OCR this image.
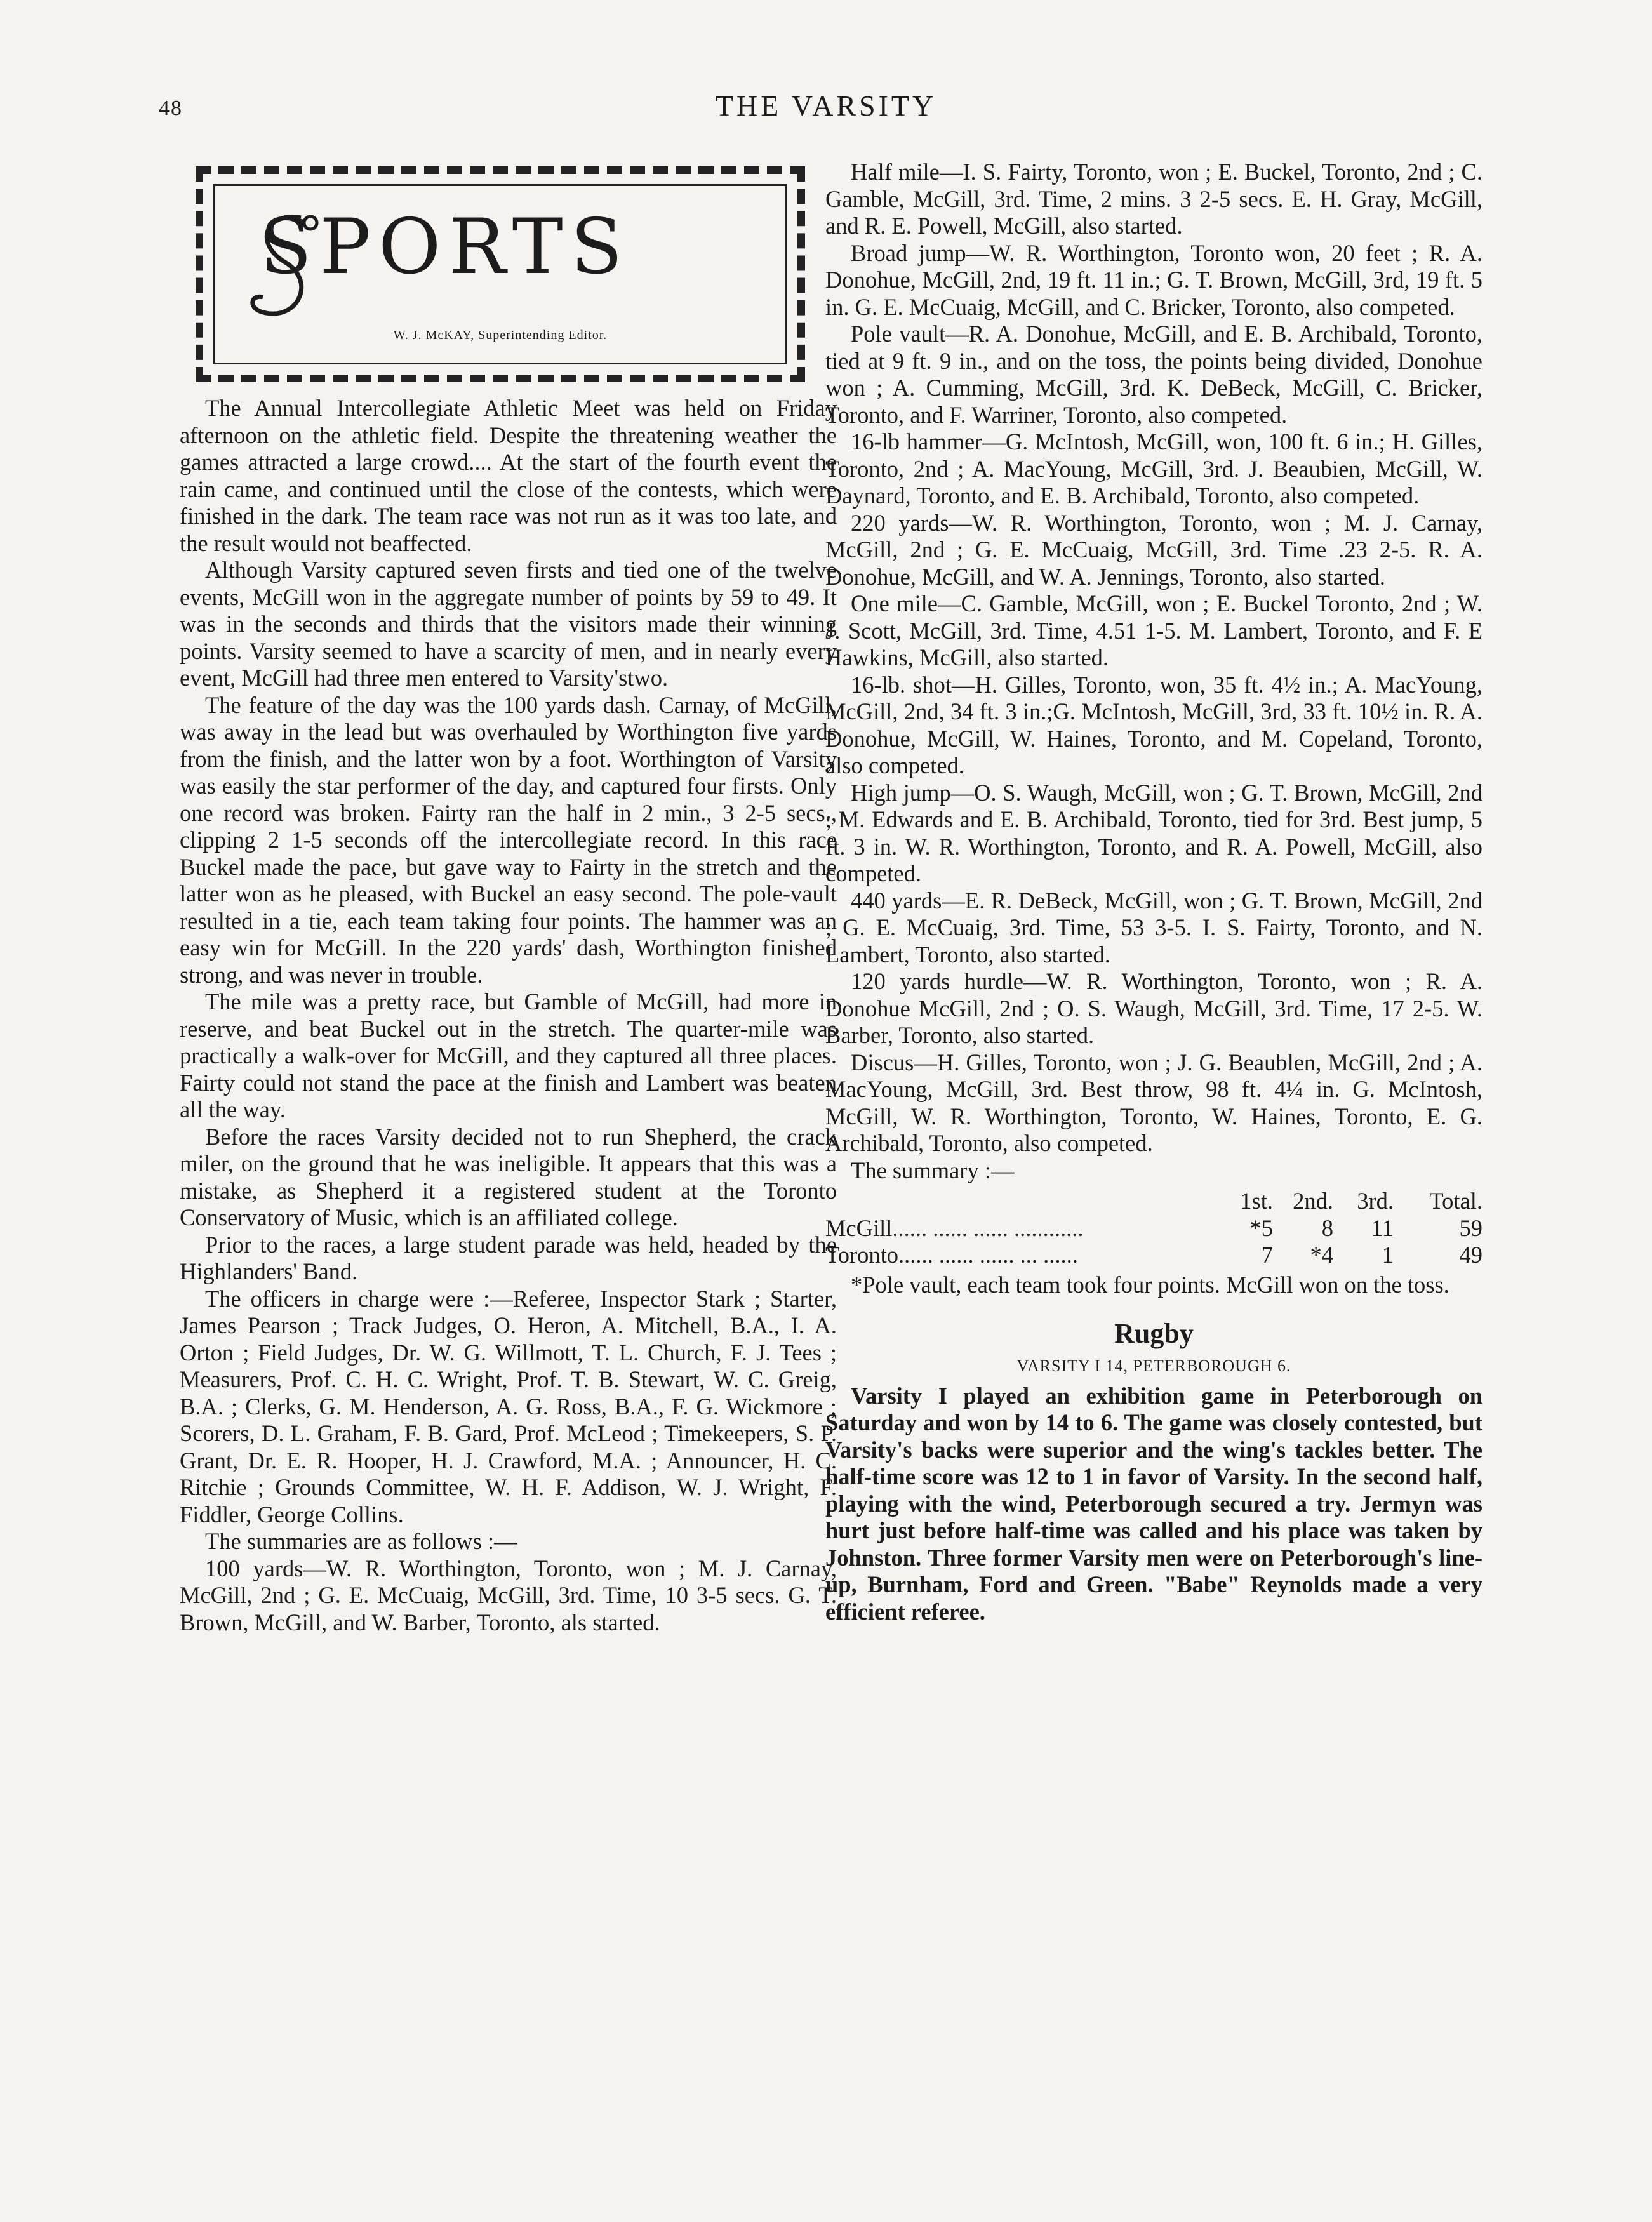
48	THE VARSITY
SPORTS
W. J. McKAY, Superintending Editor.

The Annual Intercollegiate Athletic Meet was held on Friday afternoon on the athletic field. Despite the threatening weather the games attracted a large crowd.... At the start of the fourth event the rain came, and continued until the close of the contests, which were finished in the dark. The team race was not run as it was too late, and the result would not beaffected.

Although Varsity captured seven firsts and tied one of the twelve events, McGill won in the aggregate number of points by 59 to 49. It was in the seconds and thirds that the visitors made their winning points. Varsity seemed to have a scarcity of men, and in nearly every event, McGill had three men entered to Varsity'stwo.

The feature of the day was the 100 yards dash. Carnay, of McGill, was away in the lead but was overhauled by Worthington five yards from the finish, and the latter won by a foot. Worthington of Varsity was easily the star performer of the day, and captured four firsts. Only one record was broken. Fairty ran the half in 2 min., 3 2-5 secs., clipping 2 1-5 seconds off the intercollegiate record. In this race Buckel made the pace, but gave way to Fairty in the stretch and the latter won as he pleased, with Buckel an easy second. The pole-vault resulted in a tie, each team taking four points. The hammer was an easy win for McGill. In the 220 yards' dash, Worthington finished strong, and was never in trouble.

The mile was a pretty race, but Gamble of McGill, had more in reserve, and beat Buckel out in the stretch. The quarter-mile was practically a walk-over for McGill, and they captured all three places. Fairty could not stand the pace at the finish and Lambert was beaten all the way.

Before the races Varsity decided not to run Shepherd, the crack miler, on the ground that he was ineligible. It appears that this was a mistake, as Shepherd it a registered student at the Toronto Conservatory of Music, which is an affiliated college.

Prior to the races, a large student parade was held, headed by the Highlanders' Band.

The officers in charge were :—Referee, Inspector Stark ; Starter, James Pearson ; Track Judges, O. Heron, A. Mitchell, B.A., I. A. Orton ; Field Judges, Dr. W. G. Willmott, T. L. Church, F. J. Tees ; Measurers, Prof. C. H. C. Wright, Prof. T. B. Stewart, W. C. Greig, B.A. ; Clerks, G. M. Henderson, A. G. Ross, B.A., F. G. Wickmore ; Scorers, D. L. Graham, F. B. Gard, Prof. McLeod ; Timekeepers, S. P. Grant, Dr. E. R. Hooper, H. J. Crawford, M.A. ; Announcer, H. C. Ritchie ; Grounds Committee, W. H. F. Addison, W. J. Wright, F. Fiddler, George Collins.

The summaries are as follows :—

100 yards—W. R. Worthington, Toronto, won ; M. J. Carnay, McGill, 2nd ; G. E. McCuaig, McGill, 3rd. Time, 10 3-5 secs. G. T. Brown, McGill, and W. Barber, Toronto, als started.

Half mile—I. S. Fairty, Toronto, won ; E. Buckel, Toronto, 2nd ; C. Gamble, McGill, 3rd. Time, 2 mins. 3 2-5 secs. E. H. Gray, McGill, and R. E. Powell, McGill, also started.

Broad jump—W. R. Worthington, Toronto won, 20 feet ; R. A. Donohue, McGill, 2nd, 19 ft. 11 in.; G. T. Brown, McGill, 3rd, 19 ft. 5 in. G. E. McCuaig, McGill, and C. Bricker, Toronto, also competed.

Pole vault—R. A. Donohue, McGill, and E. B. Archibald, Toronto, tied at 9 ft. 9 in., and on the toss, the points being divided, Donohue won ; A. Cumming, McGill, 3rd. K. DeBeck, McGill, C. Bricker, Toronto, and F. Warriner, Toronto, also competed.

16-lb hammer—G. McIntosh, McGill, won, 100 ft. 6 in.; H. Gilles, Toronto, 2nd ; A. MacYoung, McGill, 3rd. J. Beaubien, McGill, W. Daynard, Toronto, and E. B. Archibald, Toronto, also competed.

220 yards—W. R. Worthington, Toronto, won ; M. J. Carnay, McGill, 2nd ; G. E. McCuaig, McGill, 3rd. Time .23 2-5. R. A. Donohue, McGill, and W. A. Jennings, Toronto, also started.

One mile—C. Gamble, McGill, won ; E. Buckel Toronto, 2nd ; W. J. Scott, McGill, 3rd. Time, 4.51 1-5. M. Lambert, Toronto, and F. E Hawkins, McGill, also started.

16-lb. shot—H. Gilles, Toronto, won, 35 ft. 4½ in.; A. MacYoung, McGill, 2nd, 34 ft. 3 in.;G. McIntosh, McGill, 3rd, 33 ft. 10½ in. R. A. Donohue, McGill, W. Haines, Toronto, and M. Copeland, Toronto, also competed.

High jump—O. S. Waugh, McGill, won ; G. T. Brown, McGill, 2nd ; M. Edwards and E. B. Archibald, Toronto, tied for 3rd. Best jump, 5 ft. 3 in. W. R. Worthington, Toronto, and R. A. Powell, McGill, also competed.

440 yards—E. R. DeBeck, McGill, won ; G. T. Brown, McGill, 2nd ; G. E. McCuaig, 3rd. Time, 53 3-5. I. S. Fairty, Toronto, and N. Lambert, Toronto, also started.

120 yards hurdle—W. R. Worthington, Toronto, won ; R. A. Donohue McGill, 2nd ; O. S. Waugh, McGill, 3rd. Time, 17 2-5. W. Barber, Toronto, also started.

Discus—H. Gilles, Toronto, won ; J. G. Beaublen, McGill, 2nd ; A. MacYoung, McGill, 3rd. Best throw, 98 ft. 4¼ in. G. McIntosh, McGill, W. R. Worthington, Toronto, W. Haines, Toronto, E. G. Archibald, Toronto, also competed.

The summary :—

	1st.	2nd.	3rd.	Total.
McGill...... ...... ...... ............	*5	8	11	59
Toronto...... ...... ...... ... ......	7	*4	1	49

*Pole vault, each team took four points. McGill won on the toss.

Rugby
VARSITY I 14, PETERBOROUGH 6.

Varsity I played an exhibition game in Peterborough on Saturday and won by 14 to 6. The game was closely contested, but Varsity's backs were superior and the wing's tackles better. The half-time score was 12 to 1 in favor of Varsity. In the second half, playing with the wind, Peterborough secured a try. Jermyn was hurt just before half-time was called and his place was taken by Johnston. Three former Varsity men were on Peterborough's line-up, Burnham, Ford and Green. "Babe" Reynolds made a very efficient referee.
